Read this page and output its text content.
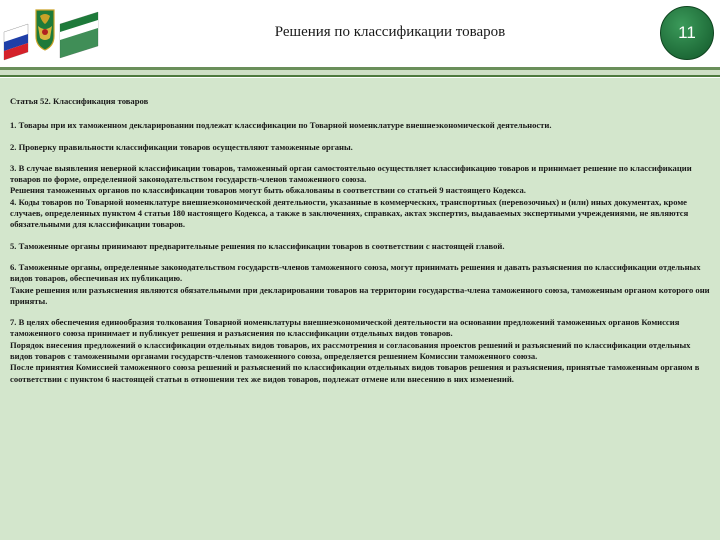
Решения по классификации товаров	11
Статья 52. Классификация товаров

1. Товары при их таможенном декларировании подлежат классификации по Товарной номенклатуре внешнеэкономической деятельности.

2. Проверку правильности классификации товаров осуществляют таможенные органы.

3. В случае выявления неверной классификации товаров, таможенный орган самостоятельно осуществляет классификацию товаров и принимает решение по классификации товаров по форме, определенной законодательством государств-членов таможенного союза.

Решения таможенных органов по классификации товаров могут быть обжалованы в соответствии со статьей 9 настоящего Кодекса.

4. Коды товаров по Товарной номенклатуре внешнеэкономической деятельности, указанные в коммерческих, транспортных (перевозочных) и (или) иных документах, кроме случаев, определенных пунктом 4 статьи 180 настоящего Кодекса, а также в заключениях, справках, актах экспертиз, выдаваемых экспертными учреждениями, не являются обязательными для классификации товаров.

5. Таможенные органы принимают предварительные решения по классификации товаров в соответствии с настоящей главой.

6. Таможенные органы, определенные законодательством государств-членов таможенного союза, могут принимать решения и давать разъяснения по классификации отдельных видов товаров, обеспечивая их публикацию.

Такие решения или разъяснения являются обязательными при декларировании товаров на территории государства-члена таможенного союза, таможенным органом которого они приняты.

7. В целях обеспечения единообразия толкования Товарной номенклатуры внешнеэкономической деятельности на основании предложений таможенных органов Комиссия таможенного союза принимает и публикует решения и разъяснения по классификации отдельных видов товаров.

Порядок внесения предложений о классификации отдельных видов товаров, их рассмотрения и согласования проектов решений и разъяснений по классификации отдельных видов товаров с таможенными органами государств-членов таможенного союза, определяется решением Комиссии таможенного союза.

После принятия Комиссией таможенного союза решений и разъяснений по классификации отдельных видов товаров решения и разъяснения, принятые таможенным органом в соответствии с пунктом 6 настоящей статьи в отношении тех же видов товаров, подлежат отмене или внесению в них изменений.
